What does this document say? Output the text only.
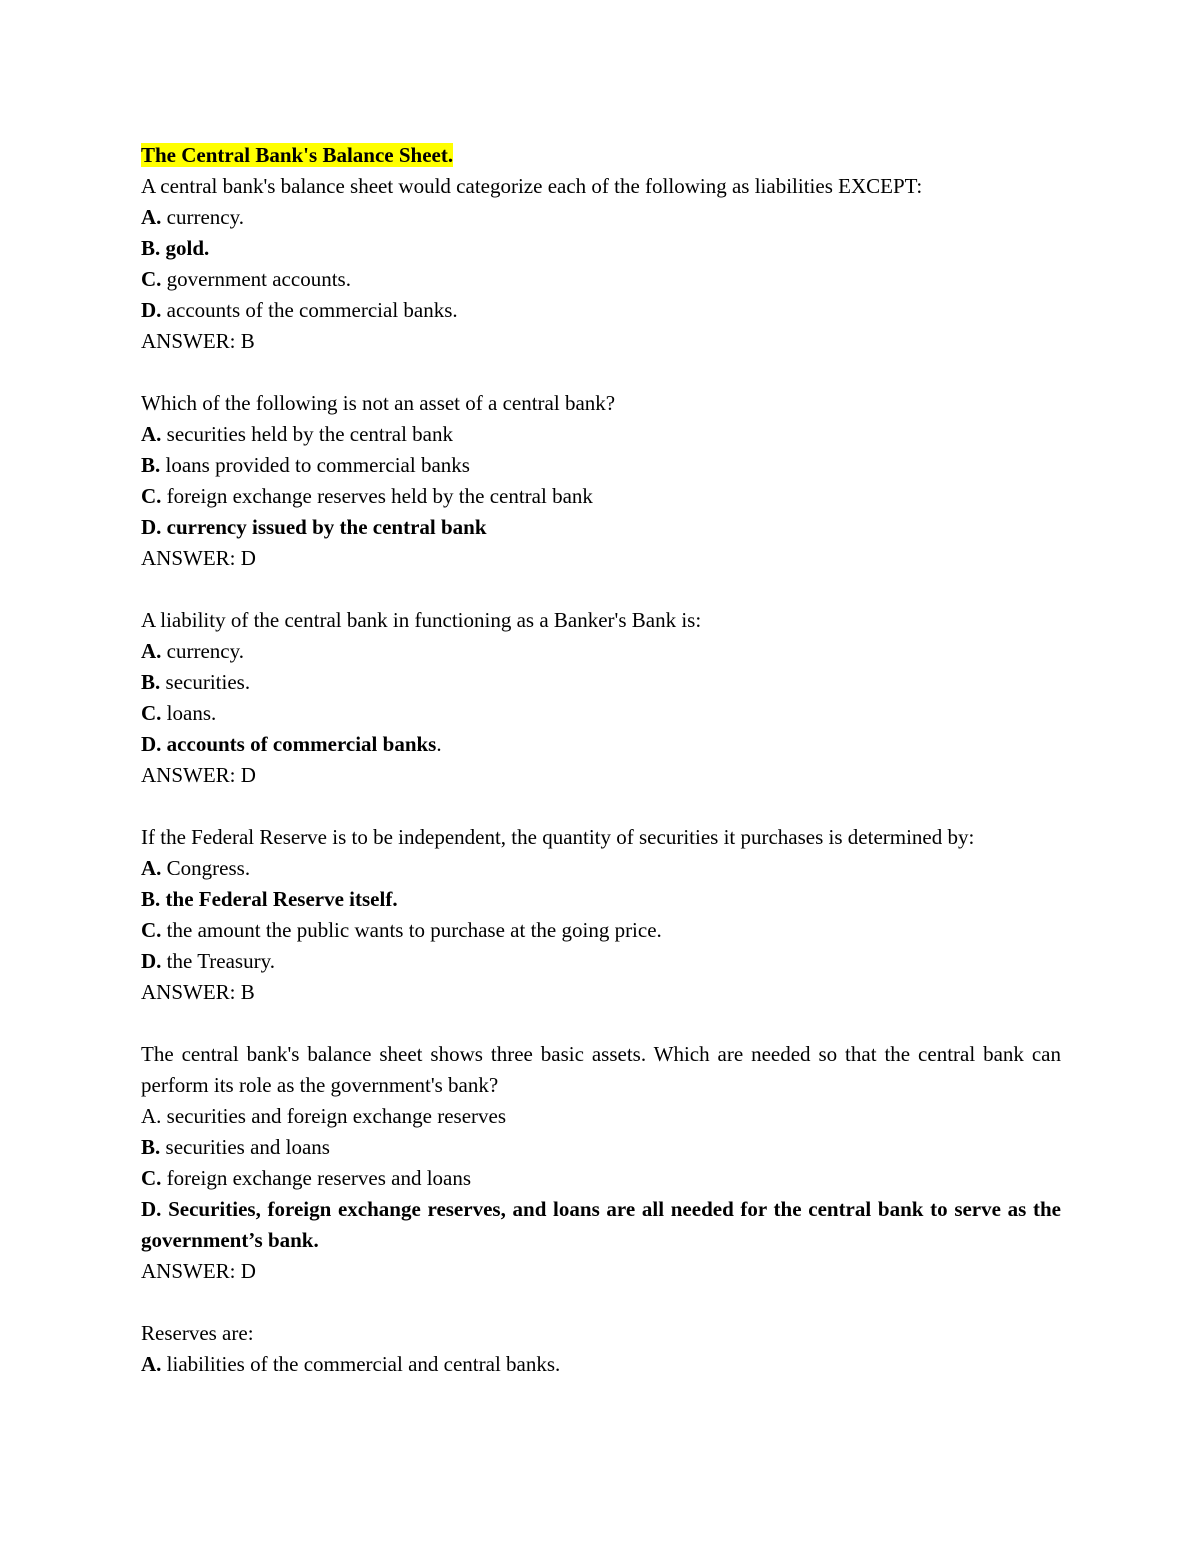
The Central Bank's Balance Sheet.
A central bank's balance sheet would categorize each of the following as liabilities EXCEPT:
A. currency.
B. gold.
C. government accounts.
D. accounts of the commercial banks.
ANSWER: B
Which of the following is not an asset of a central bank?
A. securities held by the central bank
B. loans provided to commercial banks
C. foreign exchange reserves held by the central bank
D. currency issued by the central bank
ANSWER: D
A liability of the central bank in functioning as a Banker's Bank is:
A. currency.
B. securities.
C. loans.
D. accounts of commercial banks.
ANSWER: D
If the Federal Reserve is to be independent, the quantity of securities it purchases is determined by:
A. Congress.
B. the Federal Reserve itself.
C. the amount the public wants to purchase at the going price.
D. the Treasury.
ANSWER: B
The central bank's balance sheet shows three basic assets. Which are needed so that the central bank can perform its role as the government's bank?
A. securities and foreign exchange reserves
B. securities and loans
C. foreign exchange reserves and loans
D. Securities, foreign exchange reserves, and loans are all needed for the central bank to serve as the government’s bank.
ANSWER: D
Reserves are:
A. liabilities of the commercial and central banks.
